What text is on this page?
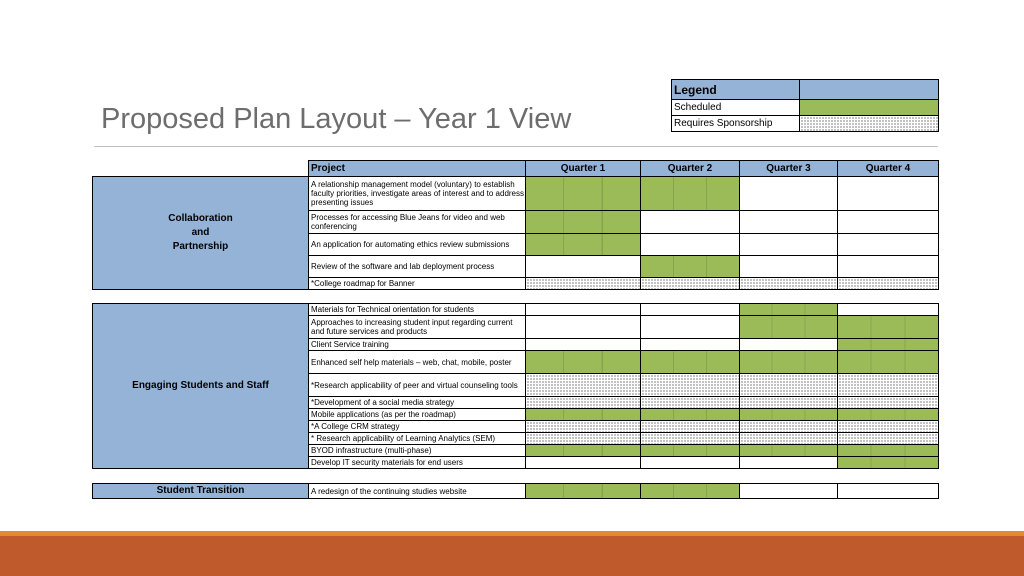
Proposed Plan Layout – Year 1 View
Legend	
Scheduled	
Requires Sponsorship	
	Project	Quarter 1	Quarter 2	Quarter 3	Quarter 4
Collaboration
and
Partnership	A relationship management model (voluntary) to establish faculty priorities, investigate areas of interest and to address presenting issues				
	Processes for accessing Blue Jeans for video and web conferencing				
	An application for automating ethics review submissions				
	Review of the software and lab deployment process				
	*College roadmap for Banner				
Engaging Students and Staff	Materials for Technical orientation for students				
	Approaches to increasing student input regarding current and future services and products				
	Client Service training				
	Enhanced self help materials – web, chat, mobile, poster				
	*Research applicability of peer and virtual counseling tools				
	*Development of a social media strategy				
	Mobile applications (as per the roadmap)				
	*A College CRM strategy				
	* Research applicability of Learning Analytics (SEM)				
	BYOD infrastructure (multi-phase)				
	Develop IT security materials for end users				
Student Transition	A redesign of the continuing studies website				
